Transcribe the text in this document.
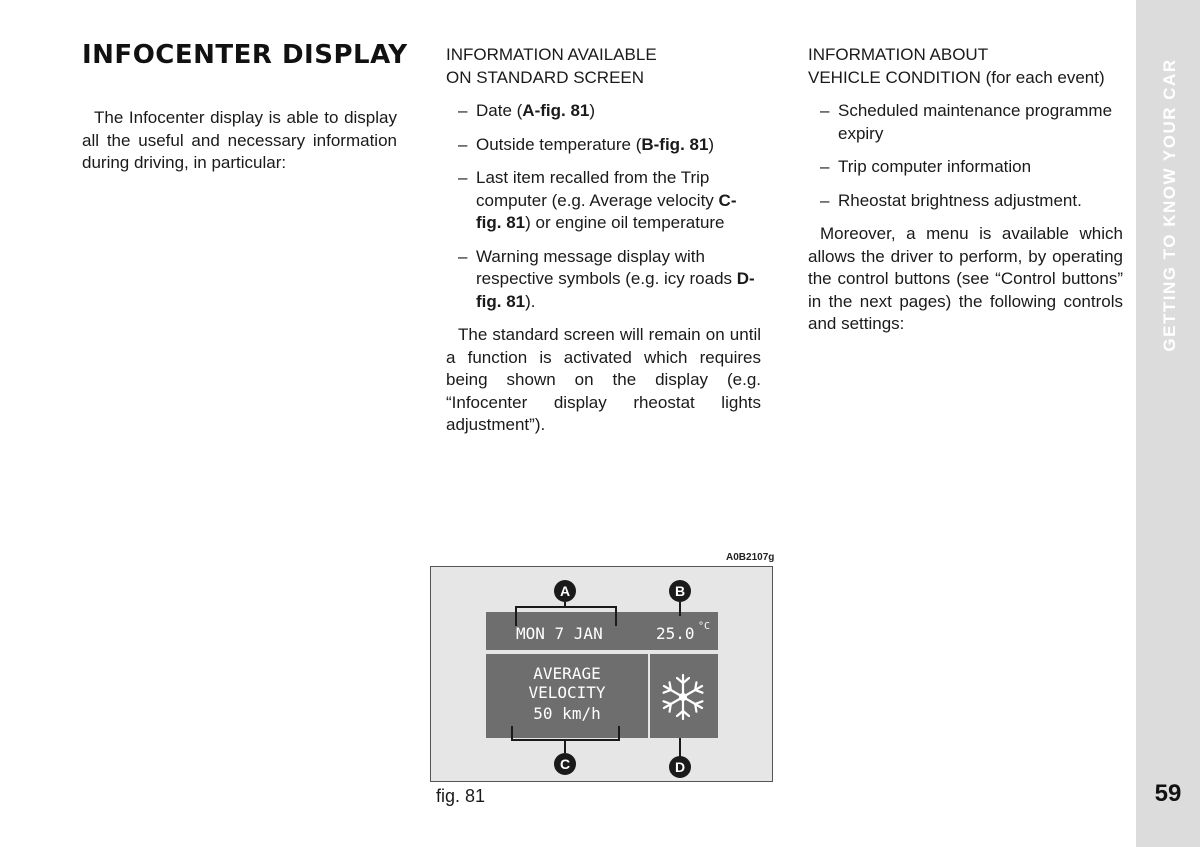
GETTING TO KNOW YOUR CAR
59
INFOCENTER DISPLAY

The Infocenter display is able to display all the useful and necessary information during driving, in particular:

INFORMATION AVAILABLE
ON STANDARD SCREEN
– Date (A-fig. 81)
– Outside temperature (B-fig. 81)
– Last item recalled from the Trip computer (e.g. Average velocity C-fig. 81) or engine oil temperature
– Warning message display with respective symbols (e.g. icy roads D- fig. 81).

The standard screen will remain on until a function is activated which requires being shown on the display (e.g. “Infocenter display rheostat lights adjustment”).

INFORMATION ABOUT
VEHICLE CONDITION (for each event)
– Scheduled maintenance programme expiry
– Trip computer information
– Rheostat brightness adjustment.

Moreover, a menu is available which allows the driver to perform, by operating the control buttons (see “Control buttons” in the next pages) the following controls and settings:

A0B2107g
MON 7 JAN	25.0 °C
AVERAGE
VELOCITY
50 km/h
A	B
C	D
fig. 81
